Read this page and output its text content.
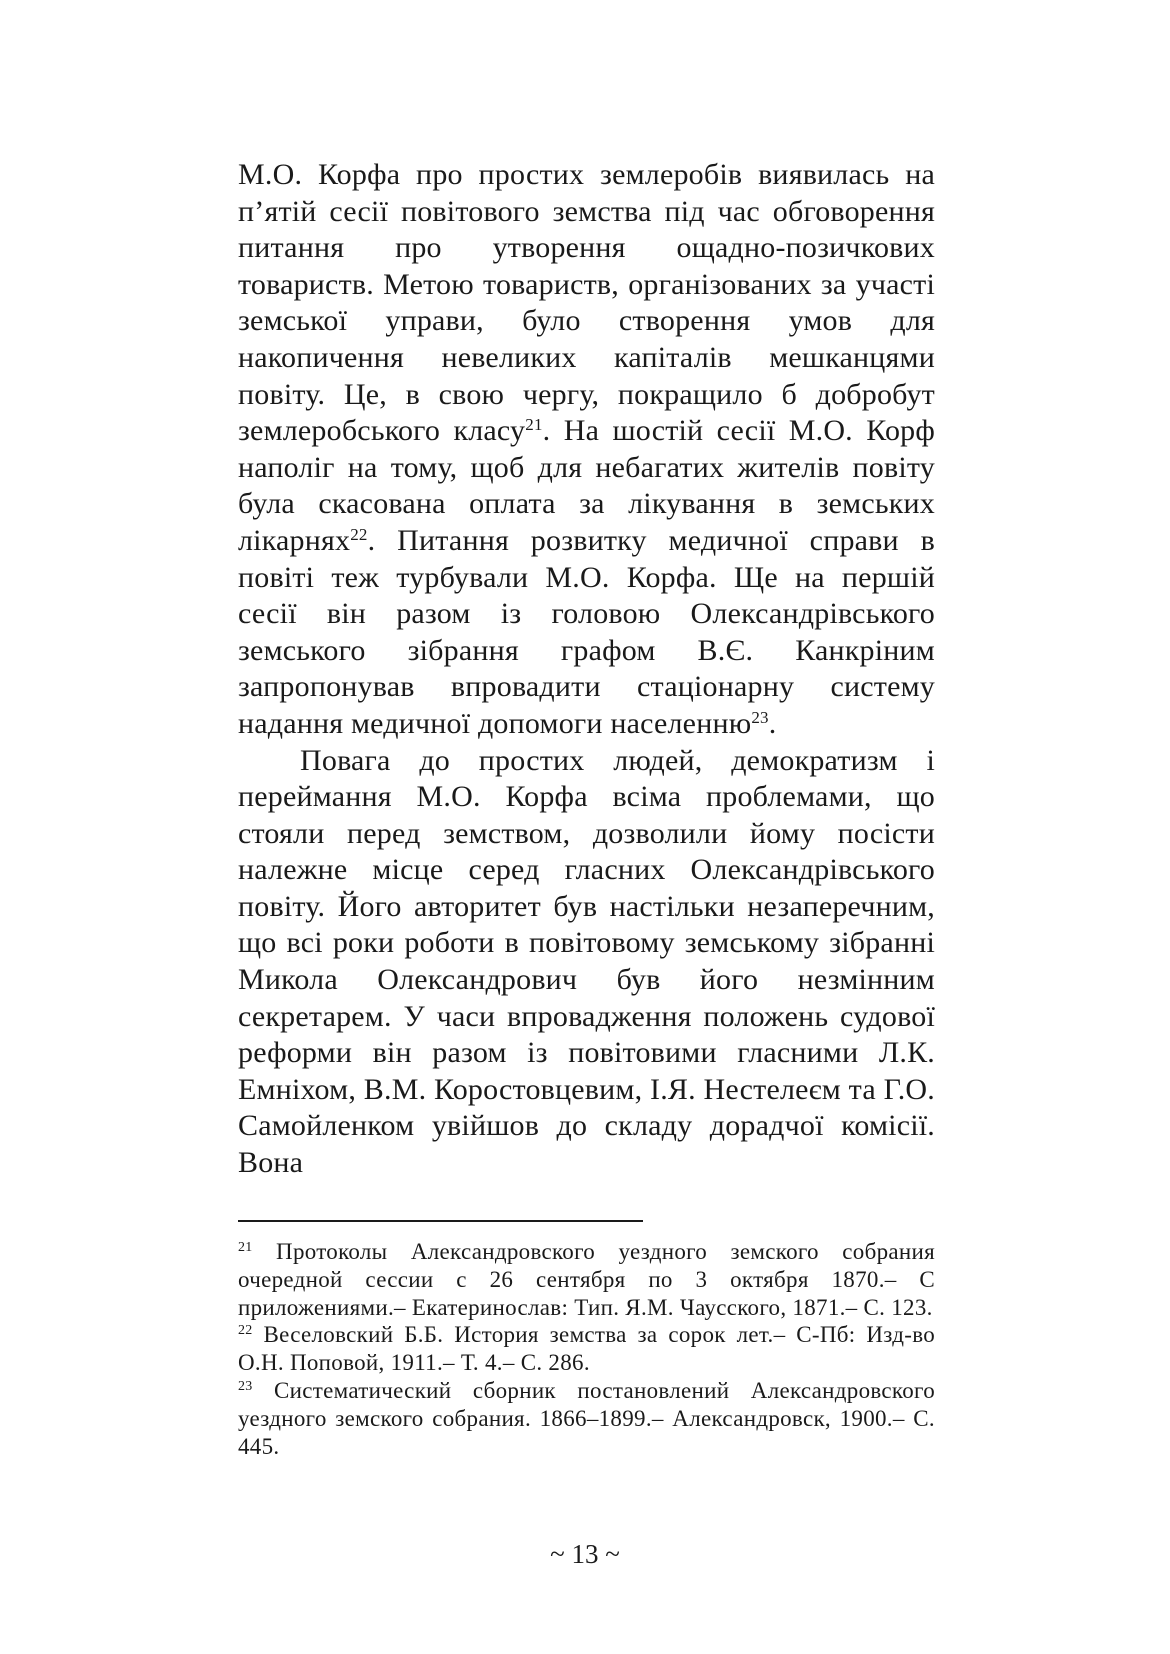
М.О. Корфа про простих землеробів виявилась на п’ятій сесії повітового земства під час обговорення питання про утворення ощадно-позичкових товариств. Метою товариств, організованих за участі земської управи, було створення умов для накопичення невеликих капіталів мешканцями повіту. Це, в свою чергу, покращило б добробут землеробського класу$^{21}$. На шостій сесії М.О. Корф наполіг на тому, щоб для небагатих жителів повіту була скасована оплата за лікування в земських лікарнях$^{22}$. Питання розвитку медичної справи в повіті теж турбували М.О. Корфа. Ще на першій сесії він разом із головою Олександрівського земського зібрання графом В.Є. Канкріним запропонував впровадити стаціонарну систему надання медичної допомоги населенню$^{23}$.

Повага до простих людей, демократизм і переймання М.О. Корфа всіма проблемами, що стояли перед земством, дозволили йому посісти належне місце серед гласних Олександрівського повіту. Його авторитет був настільки незаперечним, що всі роки роботи в повітовому земському зібранні Микола Олександрович був його незмінним секретарем. У часи впровадження положень судової реформи він разом із повітовими гласними Л.К. Емніхом, В.М. Коростовцевим, І.Я. Нестелеєм та Г.О. Самойленком увійшов до складу дорадчої комісії. Вона

$^{21}$ Протоколы Александровского уездного земского собрания очередной сессии с 26 сентября по 3 октября 1870.– С приложениями.– Екатеринослав: Тип. Я.М. Чаусского, 1871.– С. 123.

$^{22}$ Веселовский Б.Б. История земства за сорок лет.– С-Пб: Изд-во О.Н. Поповой, 1911.– Т. 4.– С. 286.

$^{23}$ Систематический сборник постановлений Александровского уездного земского собрания. 1866–1899.– Александровск, 1900.– С. 445.

~ 13 ~
